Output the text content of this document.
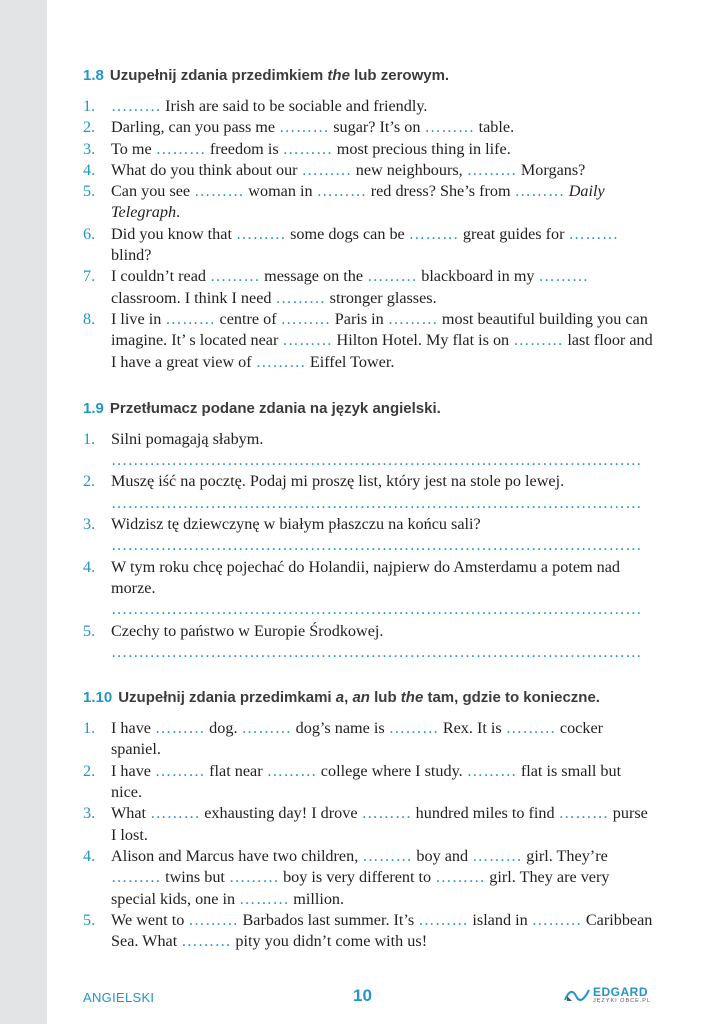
1.8 Uzupełnij zdania przedimkiem the lub zerowym.
1. ……… Irish are said to be sociable and friendly.
2. Darling, can you pass me ……… sugar? It’s on ……… table.
3. To me ……… freedom is ……… most precious thing in life.
4. What do you think about our ……… new neighbours, ……… Morgans?
5. Can you see ……… woman in ……… red dress? She’s from ……… Daily Telegraph.
6. Did you know that ……… some dogs can be ……… great guides for ……… blind?
7. I couldn’t read ……… message on the ……… blackboard in my ……… classroom. I think I need ……… stronger glasses.
8. I live in ……… centre of ……… Paris in ……… most beautiful building you can imagine. It’ s located near ……… Hilton Hotel. My flat is on ……… last floor and I have a great view of ……… Eiffel Tower.
1.9 Przetłumacz podane zdania na język angielski.
1. Silni pomagają słabym.
……………………………………………………………………………………
2. Muszę iść na pocztę. Podaj mi proszę list, który jest na stole po lewej.
……………………………………………………………………………………
3. Widzisz tę dziewczynę w białym płaszczu na końcu sali?
……………………………………………………………………………………
4. W tym roku chcę pojechać do Holandii, najpierw do Amsterdamu a potem nad morze.
……………………………………………………………………………………
5. Czechy to państwo w Europie Środkowej.
……………………………………………………………………………………
1.10 Uzupełnij zdania przedimkami a, an lub the tam, gdzie to konieczne.
1. I have ……… dog. ……… dog’s name is ……… Rex. It is ……… cocker spaniel.
2. I have ……… flat near ……… college where I study. ……… flat is small but nice.
3. What ……… exhausting day! I drove ……… hundred miles to find ……… purse I lost.
4. Alison and Marcus have two children, ……… boy and ……… girl. They’re ……… twins but ……… boy is very different to ……… girl. They are very special kids, one in ……… million.
5. We went to ……… Barbados last summer. It’s ……… island in ……… Caribbean Sea. What ……… pity you didn’t come with us!
ANGIELSKI	10	EDGARD
JĘZYKI OBCE.PL
